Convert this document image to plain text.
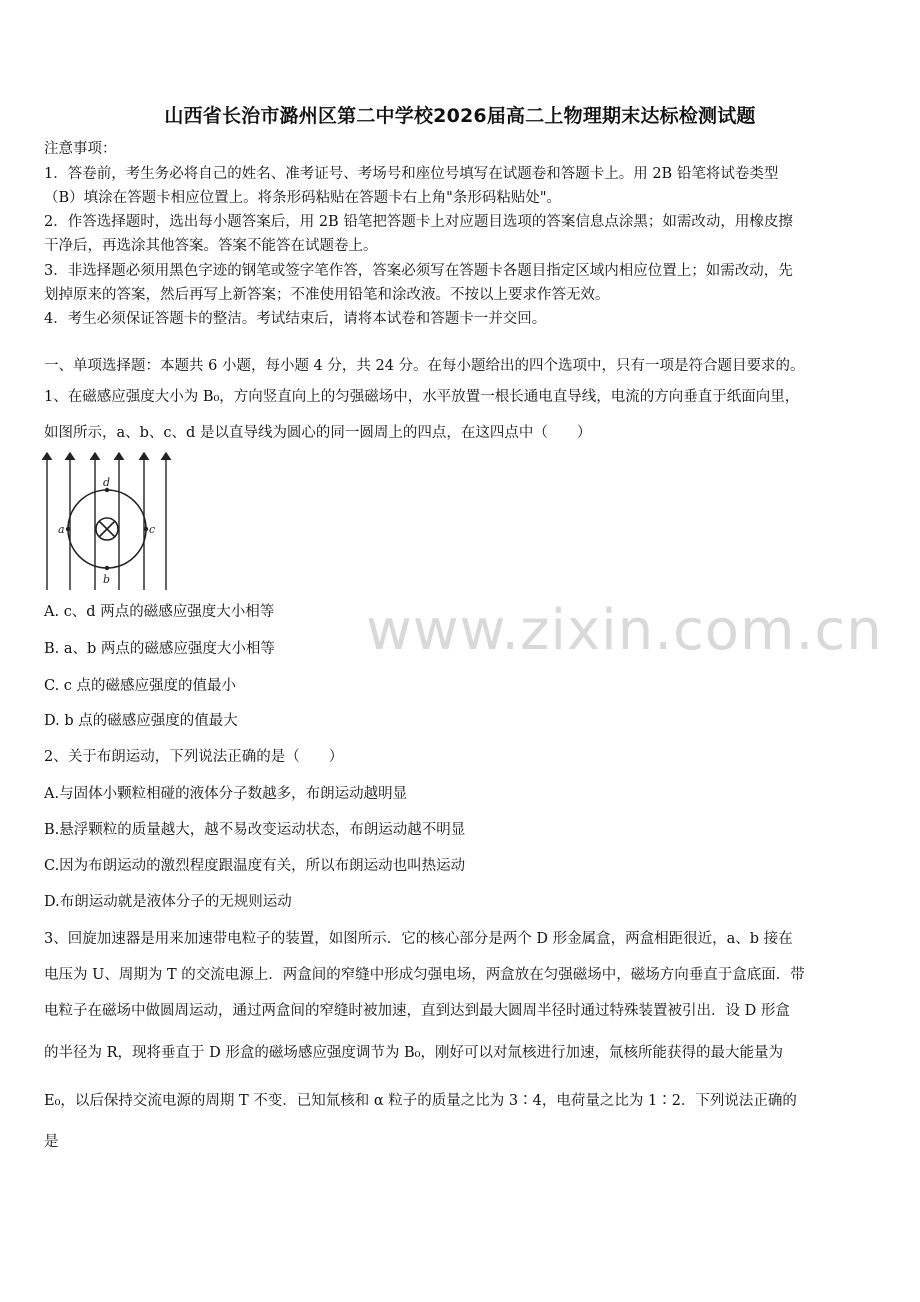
山西省长治市潞州区第二中学校2026届高二上物理期末达标检测试题
注意事项：
1．答卷前，考生务必将自己的姓名、准考证号、考场号和座位号填写在试题卷和答题卡上。用 2B 铅笔将试卷类型
（B）填涂在答题卡相应位置上。将条形码粘贴在答题卡右上角"条形码粘贴处"。
2．作答选择题时，选出每小题答案后，用 2B 铅笔把答题卡上对应题目选项的答案信息点涂黑；如需改动，用橡皮擦
干净后，再选涂其他答案。答案不能答在试题卷上。
3．非选择题必须用黑色字迹的钢笔或签字笔作答，答案必须写在答题卡各题目指定区域内相应位置上；如需改动，先
划掉原来的答案，然后再写上新答案；不准使用铅笔和涂改液。不按以上要求作答无效。
4．考生必须保证答题卡的整洁。考试结束后，请将本试卷和答题卡一并交回。
一、单项选择题：本题共 6 小题，每小题 4 分，共 24 分。在每小题给出的四个选项中，只有一项是符合题目要求的。
1、在磁感应强度大小为 B₀，方向竖直向上的匀强磁场中，水平放置一根长通电直导线，电流的方向垂直于纸面向里，
如图所示，a、b、c、d 是以直导线为圆心的同一圆周上的四点，在这四点中（　　）
d
b
a	c
www.zixin.com.cn
A. c、d 两点的磁感应强度大小相等
B. a、b 两点的磁感应强度大小相等
C. c 点的磁感应强度的值最小
D. b 点的磁感应强度的值最大
2、关于布朗运动，下列说法正确的是（　　）
A.与固体小颗粒相碰的液体分子数越多，布朗运动越明显
B.悬浮颗粒的质量越大，越不易改变运动状态，布朗运动越不明显
C.因为布朗运动的激烈程度跟温度有关，所以布朗运动也叫热运动
D.布朗运动就是液体分子的无规则运动
3、回旋加速器是用来加速带电粒子的装置，如图所示．它的核心部分是两个 D 形金属盒，两盒相距很近，a、b 接在
电压为 U、周期为 T 的交流电源上．两盒间的窄缝中形成匀强电场，两盒放在匀强磁场中，磁场方向垂直于盒底面．带
电粒子在磁场中做圆周运动，通过两盒间的窄缝时被加速，直到达到最大圆周半径时通过特殊装置被引出．设 D 形盒
的半径为 R，现将垂直于 D 形盒的磁场感应强度调节为 B₀，刚好可以对氚核进行加速，氚核所能获得的最大能量为
E₀，以后保持交流电源的周期 T 不变．已知氚核和 α 粒子的质量之比为 3∶4，电荷量之比为 1∶2．下列说法正确的
是
